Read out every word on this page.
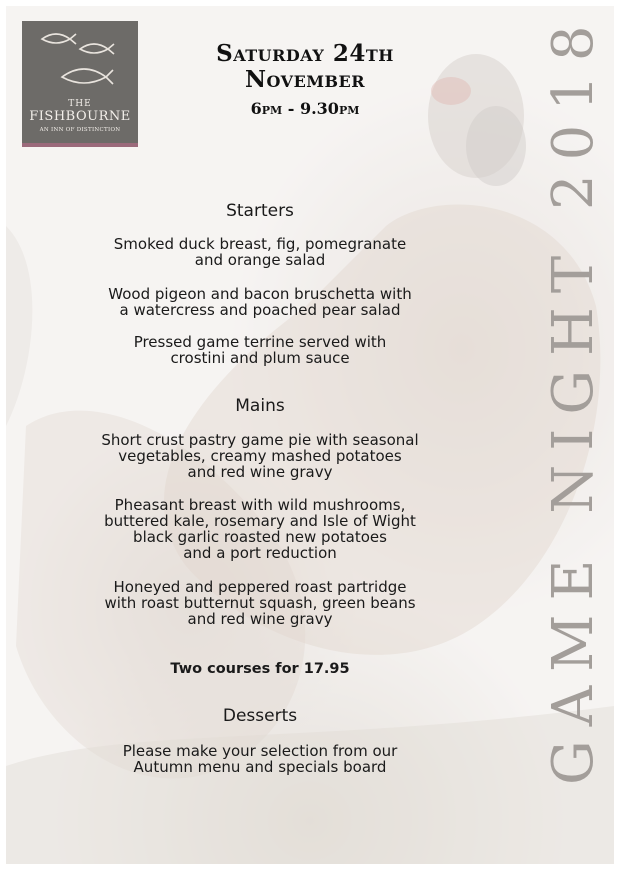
THE
FISHBOURNE
AN INN OF DISTINCTION
Saturday 24th
November
6pm - 9.30pm
Starters
Smoked duck breast, fig, pomegranate
and orange salad
Wood pigeon and bacon bruschetta with
a watercress and poached pear salad
Pressed game terrine served with
crostini and plum sauce
Mains
Short crust pastry game pie with seasonal
vegetables, creamy mashed potatoes
and red wine gravy
Pheasant breast with wild mushrooms,
buttered kale, rosemary and Isle of Wight
black garlic roasted new potatoes
and a port reduction
Honeyed and peppered roast partridge
with roast butternut squash, green beans
and red wine gravy
Two courses for 17.95
Desserts
Please make your selection from our
Autumn menu and specials board	GAME NIGHT 2018
